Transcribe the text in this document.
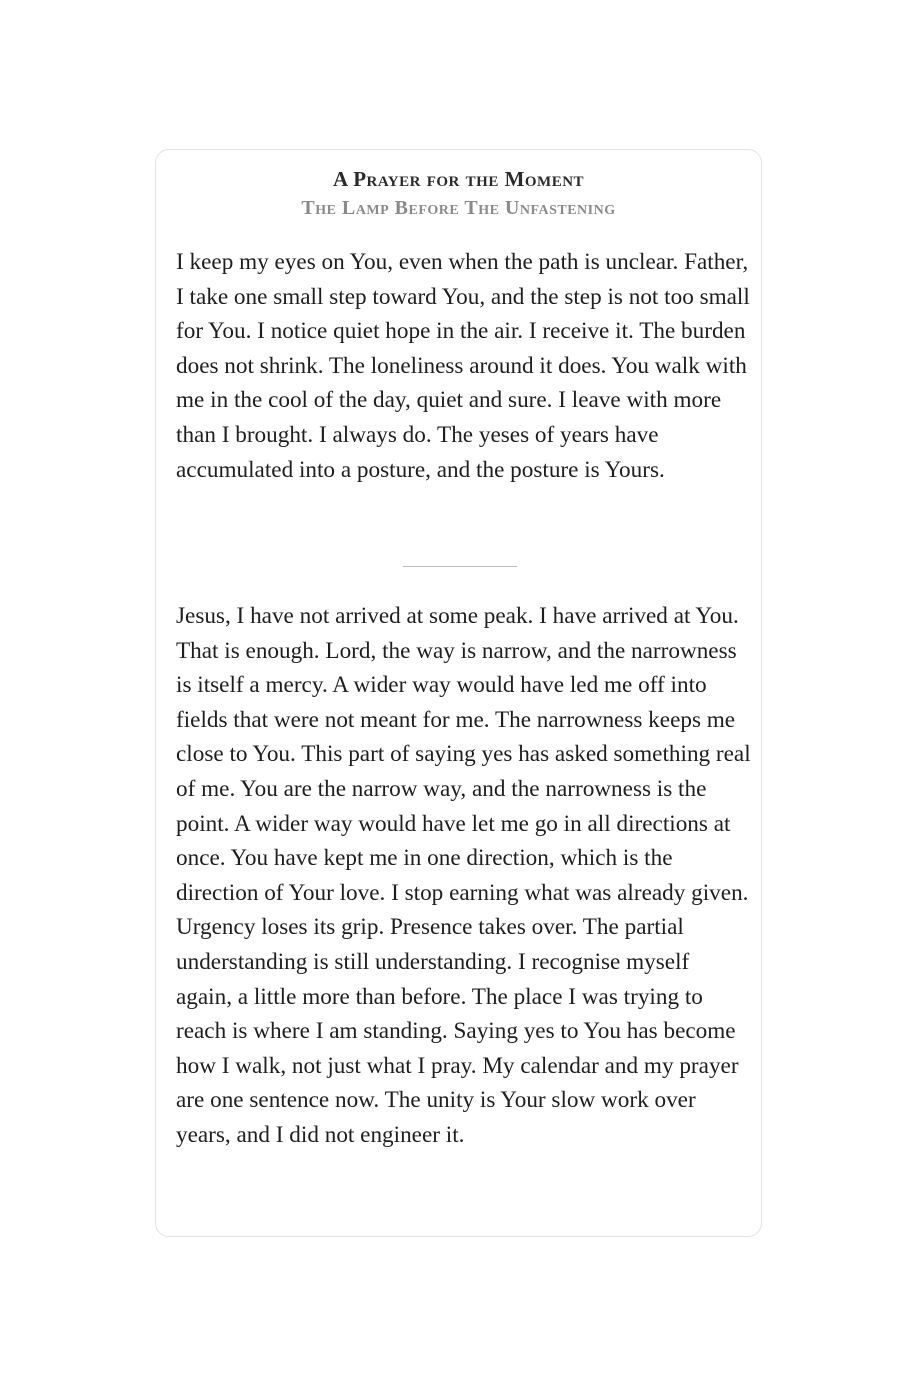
A Prayer for the Moment
The Lamp Before The Unfastening

I keep my eyes on You, even when the path is unclear. Father, I take one small step toward You, and the step is not too small for You. I notice quiet hope in the air. I receive it. The burden does not shrink. The loneliness around it does. You walk with me in the cool of the day, quiet and sure. I leave with more than I brought. I always do. The yeses of years have accumulated into a posture, and the posture is Yours.

Jesus, I have not arrived at some peak. I have arrived at You. That is enough. Lord, the way is narrow, and the narrowness is itself a mercy. A wider way would have led me off into fields that were not meant for me. The narrowness keeps me close to You. This part of saying yes has asked something real of me. You are the narrow way, and the narrowness is the point. A wider way would have let me go in all directions at once. You have kept me in one direction, which is the direction of Your love. I stop earning what was already given. Urgency loses its grip. Presence takes over. The partial understanding is still understanding. I recognise myself again, a little more than before. The place I was trying to reach is where I am standing. Saying yes to You has become how I walk, not just what I pray. My calendar and my prayer are one sentence now. The unity is Your slow work over years, and I did not engineer it.
